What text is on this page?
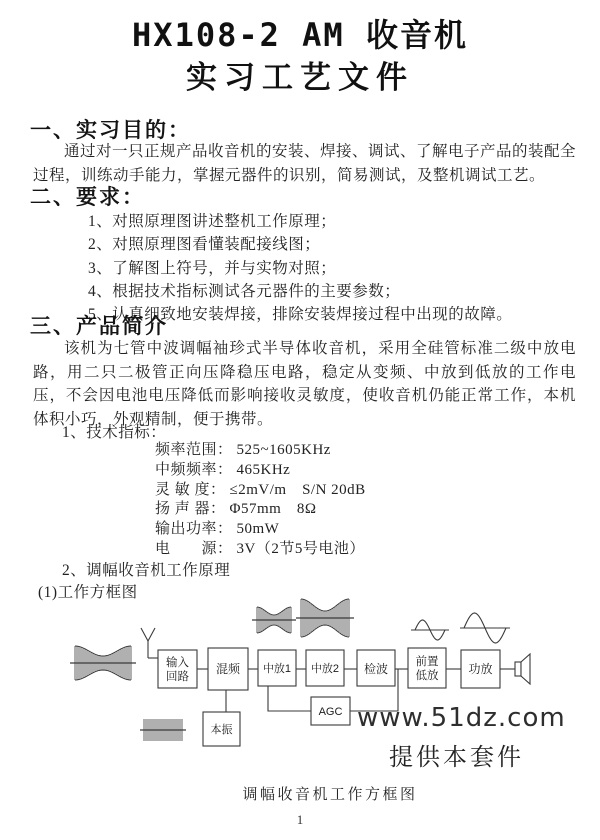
HX108-2 AM 收音机
实习工艺文件
一、实习目的：
通过对一只正规产品收音机的安装、焊接、调试、了解电子产品的装配全过程，训练动手能力，掌握元器件的识别，简易测试，及整机调试工艺。
二、要求：
1、对照原理图讲述整机工作原理；
2、对照原理图看懂装配接线图；
3、了解图上符号，并与实物对照；
4、根据技术指标测试各元器件的主要参数；
5、认真细致地安装焊接，排除安装焊接过程中出现的故障。
三、产品简介
该机为七管中波调幅袖珍式半导体收音机，采用全硅管标准二级中放电路，用二只二极管正向压降稳压电路，稳定从变频、中放到低放的工作电压，不会因电池电压降低而影响接收灵敏度，使收音机仍能正常工作，本机体积小巧，外观精制，便于携带。
1、技术指标：
频率范围： 525~1605KHz
中频频率： 465KHz
灵 敏 度： ≤2mV/m　S/N 20dB
扬 声 器： Φ57mm　8Ω
输出功率： 50mW
电　　源： 3V（2节5号电池）
2、调幅收音机工作原理
(1)工作方框图
输入
回路
混频 中放1 中放2 检波 前置
低放 功放
本振
AGC www.51dz.com
提供本套件
调幅收音机工作方框图
1
